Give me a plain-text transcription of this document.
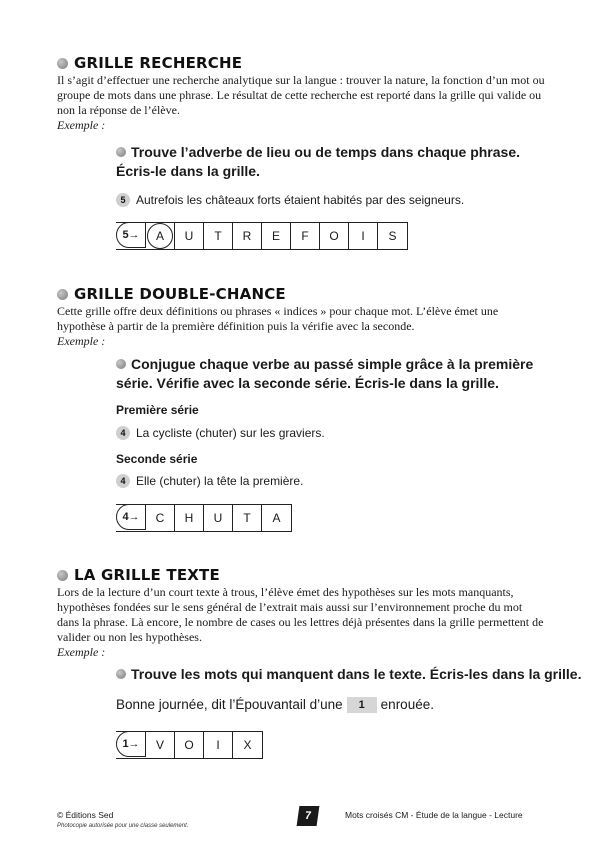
GRILLE RECHERCHE
Il s’agit d’effectuer une recherche analytique sur la langue : trouver la nature, la fonction d’un mot ou groupe de mots dans une phrase. Le résultat de cette recherche est reporté dans la grille qui valide ou non la réponse de l’élève.
Exemple :
Trouve l’adverbe de lieu ou de temps dans chaque phrase.
Écris-le dans la grille.
5 Autrefois les châteaux forts étaient habités par des seigneurs.
5→	A	U	T	R	E	F	O	I	S
GRILLE DOUBLE-CHANCE
Cette grille offre deux définitions ou phrases « indices » pour chaque mot. L’élève émet une hypothèse à partir de la première définition puis la vérifie avec la seconde.
Exemple :
Conjugue chaque verbe au passé simple grâce à la première
série. Vérifie avec la seconde série. Écris-le dans la grille.
Première série
4 La cycliste (chuter) sur les graviers.
Seconde série
4 Elle (chuter) la tête la première.
4→	C	H	U	T	A
LA GRILLE TEXTE
Lors de la lecture d’un court texte à trous, l’élève émet des hypothèses sur les mots manquants, hypothèses fondées sur le sens général de l’extrait mais aussi sur l’environnement proche du mot dans la phrase. Là encore, le nombre de cases ou les lettres déjà présentes dans la grille permettent de valider ou non les hypothèses.
Exemple :
Trouve les mots qui manquent dans le texte. Écris-les dans la grille.
Bonne journée, dit l’Épouvantail d’une	1	enrouée.
1→	V	O	I	X
© Éditions Sed
Photocopie autorisée pour une classe seulement.
7	Mots croisés CM - Étude de la langue - Lecture
